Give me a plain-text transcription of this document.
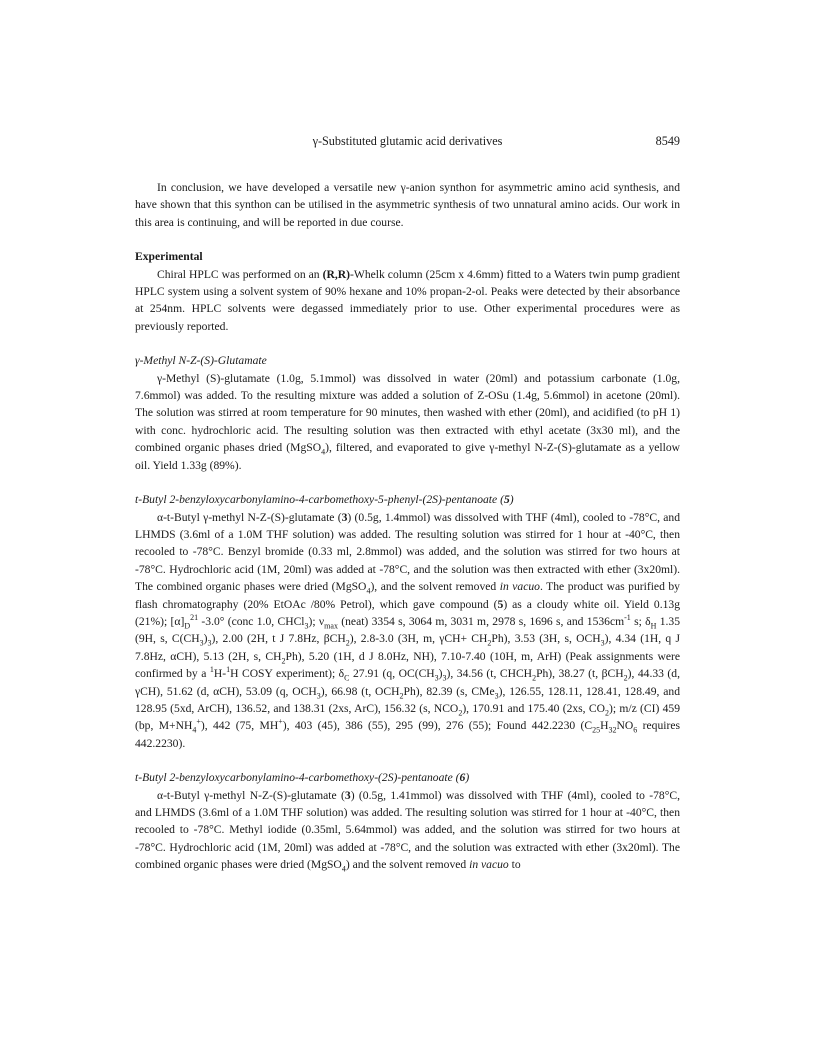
γ-Substituted glutamic acid derivatives	8549

In conclusion, we have developed a versatile new γ-anion synthon for asymmetric amino acid synthesis, and have shown that this synthon can be utilised in the asymmetric synthesis of two unnatural amino acids. Our work in this area is continuing, and will be reported in due course.

Experimental

Chiral HPLC was performed on an (R,R)-Whelk column (25cm x 4.6mm) fitted to a Waters twin pump gradient HPLC system using a solvent system of 90% hexane and 10% propan-2-ol. Peaks were detected by their absorbance at 254nm. HPLC solvents were degassed immediately prior to use. Other experimental procedures were as previously reported.

γ-Methyl N-Z-(S)-Glutamate

γ-Methyl (S)-glutamate (1.0g, 5.1mmol) was dissolved in water (20ml) and potassium carbonate (1.0g, 7.6mmol) was added. To the resulting mixture was added a solution of Z-OSu (1.4g, 5.6mmol) in acetone (20ml). The solution was stirred at room temperature for 90 minutes, then washed with ether (20ml), and acidified (to pH 1) with conc. hydrochloric acid. The resulting solution was then extracted with ethyl acetate (3x30 ml), and the combined organic phases dried (MgSO$_4$), filtered, and evaporated to give γ-methyl N-Z-(S)-glutamate as a yellow oil. Yield 1.33g (89%).

t-Butyl 2-benzyloxycarbonylamino-4-carbomethoxy-5-phenyl-(2S)-pentanoate (5)

α-t-Butyl γ-methyl N-Z-(S)-glutamate (3) (0.5g, 1.4mmol) was dissolved with THF (4ml), cooled to -78°C, and LHMDS (3.6ml of a 1.0M THF solution) was added. The resulting solution was stirred for 1 hour at -40°C, then recooled to -78°C. Benzyl bromide (0.33 ml, 2.8mmol) was added, and the solution was stirred for two hours at -78°C. Hydrochloric acid (1M, 20ml) was added at -78°C, and the solution was then extracted with ether (3x20ml). The combined organic phases were dried (MgSO$_4$), and the solvent removed in vacuo. The product was purified by flash chromatography (20% EtOAc /80% Petrol), which gave compound (5) as a cloudy white oil. Yield 0.13g (21%); $[\alpha]_D^{21}$ -3.0° (conc 1.0, CHCl$_3$); $\nu_{max}$ (neat) 3354 s, 3064 m, 3031 m, 2978 s, 1696 s, and $1536cm^{-1}$ s; $\delta_H$ 1.35 (9H, s, $C(CH_3)_3$), 2.00 (2H, t J 7.8Hz, βCH$_2$), 2.8-3.0 (3H, m, $\gamma CH+ CH_2Ph$), 3.53 (3H, s, $OCH_3$), 4.34 (1H, q J 7.8Hz, αCH), 5.13 (2H, s, $CH_2Ph$), 5.20 (1H, d J 8.0Hz, NH), 7.10-7.40 (10H, m, ArH) (Peak assignments were confirmed by a $^1$H-$^1$H COSY experiment); $\delta_C$ 27.91 (q, $OC(CH_3)_3$), 34.56 (t, $CHCH_2Ph$), 38.27 (t, βCH$_2$), 44.33 (d, γCH), 51.62 (d, αCH), 53.09 (q, $OCH_3$), 66.98 (t, $OCH_2Ph$), 82.39 (s, CMe$_3$), 126.55, 128.11, 128.41, 128.49, and 128.95 (5xd, ArCH), 136.52, and 138.31 (2xs, ArC), 156.32 (s, $NCO_2$), 170.91 and 175.40 (2xs, $CO_2$); m/z (CI) 459 (bp, $M+NH_4^+$), 442 (75, MH+), 403 (45), 386 (55), 295 (99), 276 (55); Found 442.2230 ($C_{25}H_{32}NO_6$ requires 442.2230).

t-Butyl 2-benzyloxycarbonylamino-4-carbomethoxy-(2S)-pentanoate (6)

α-t-Butyl γ-methyl N-Z-(S)-glutamate (3) (0.5g, 1.41mmol) was dissolved with THF (4ml), cooled to -78°C, and LHMDS (3.6ml of a 1.0M THF solution) was added. The resulting solution was stirred for 1 hour at -40°C, then recooled to -78°C. Methyl iodide (0.35ml, 5.64mmol) was added, and the solution was stirred for two hours at -78°C. Hydrochloric acid (1M, 20ml) was added at -78°C, and the solution was extracted with ether (3x20ml). The combined organic phases were dried (MgSO$_4$) and the solvent removed in vacuo to
